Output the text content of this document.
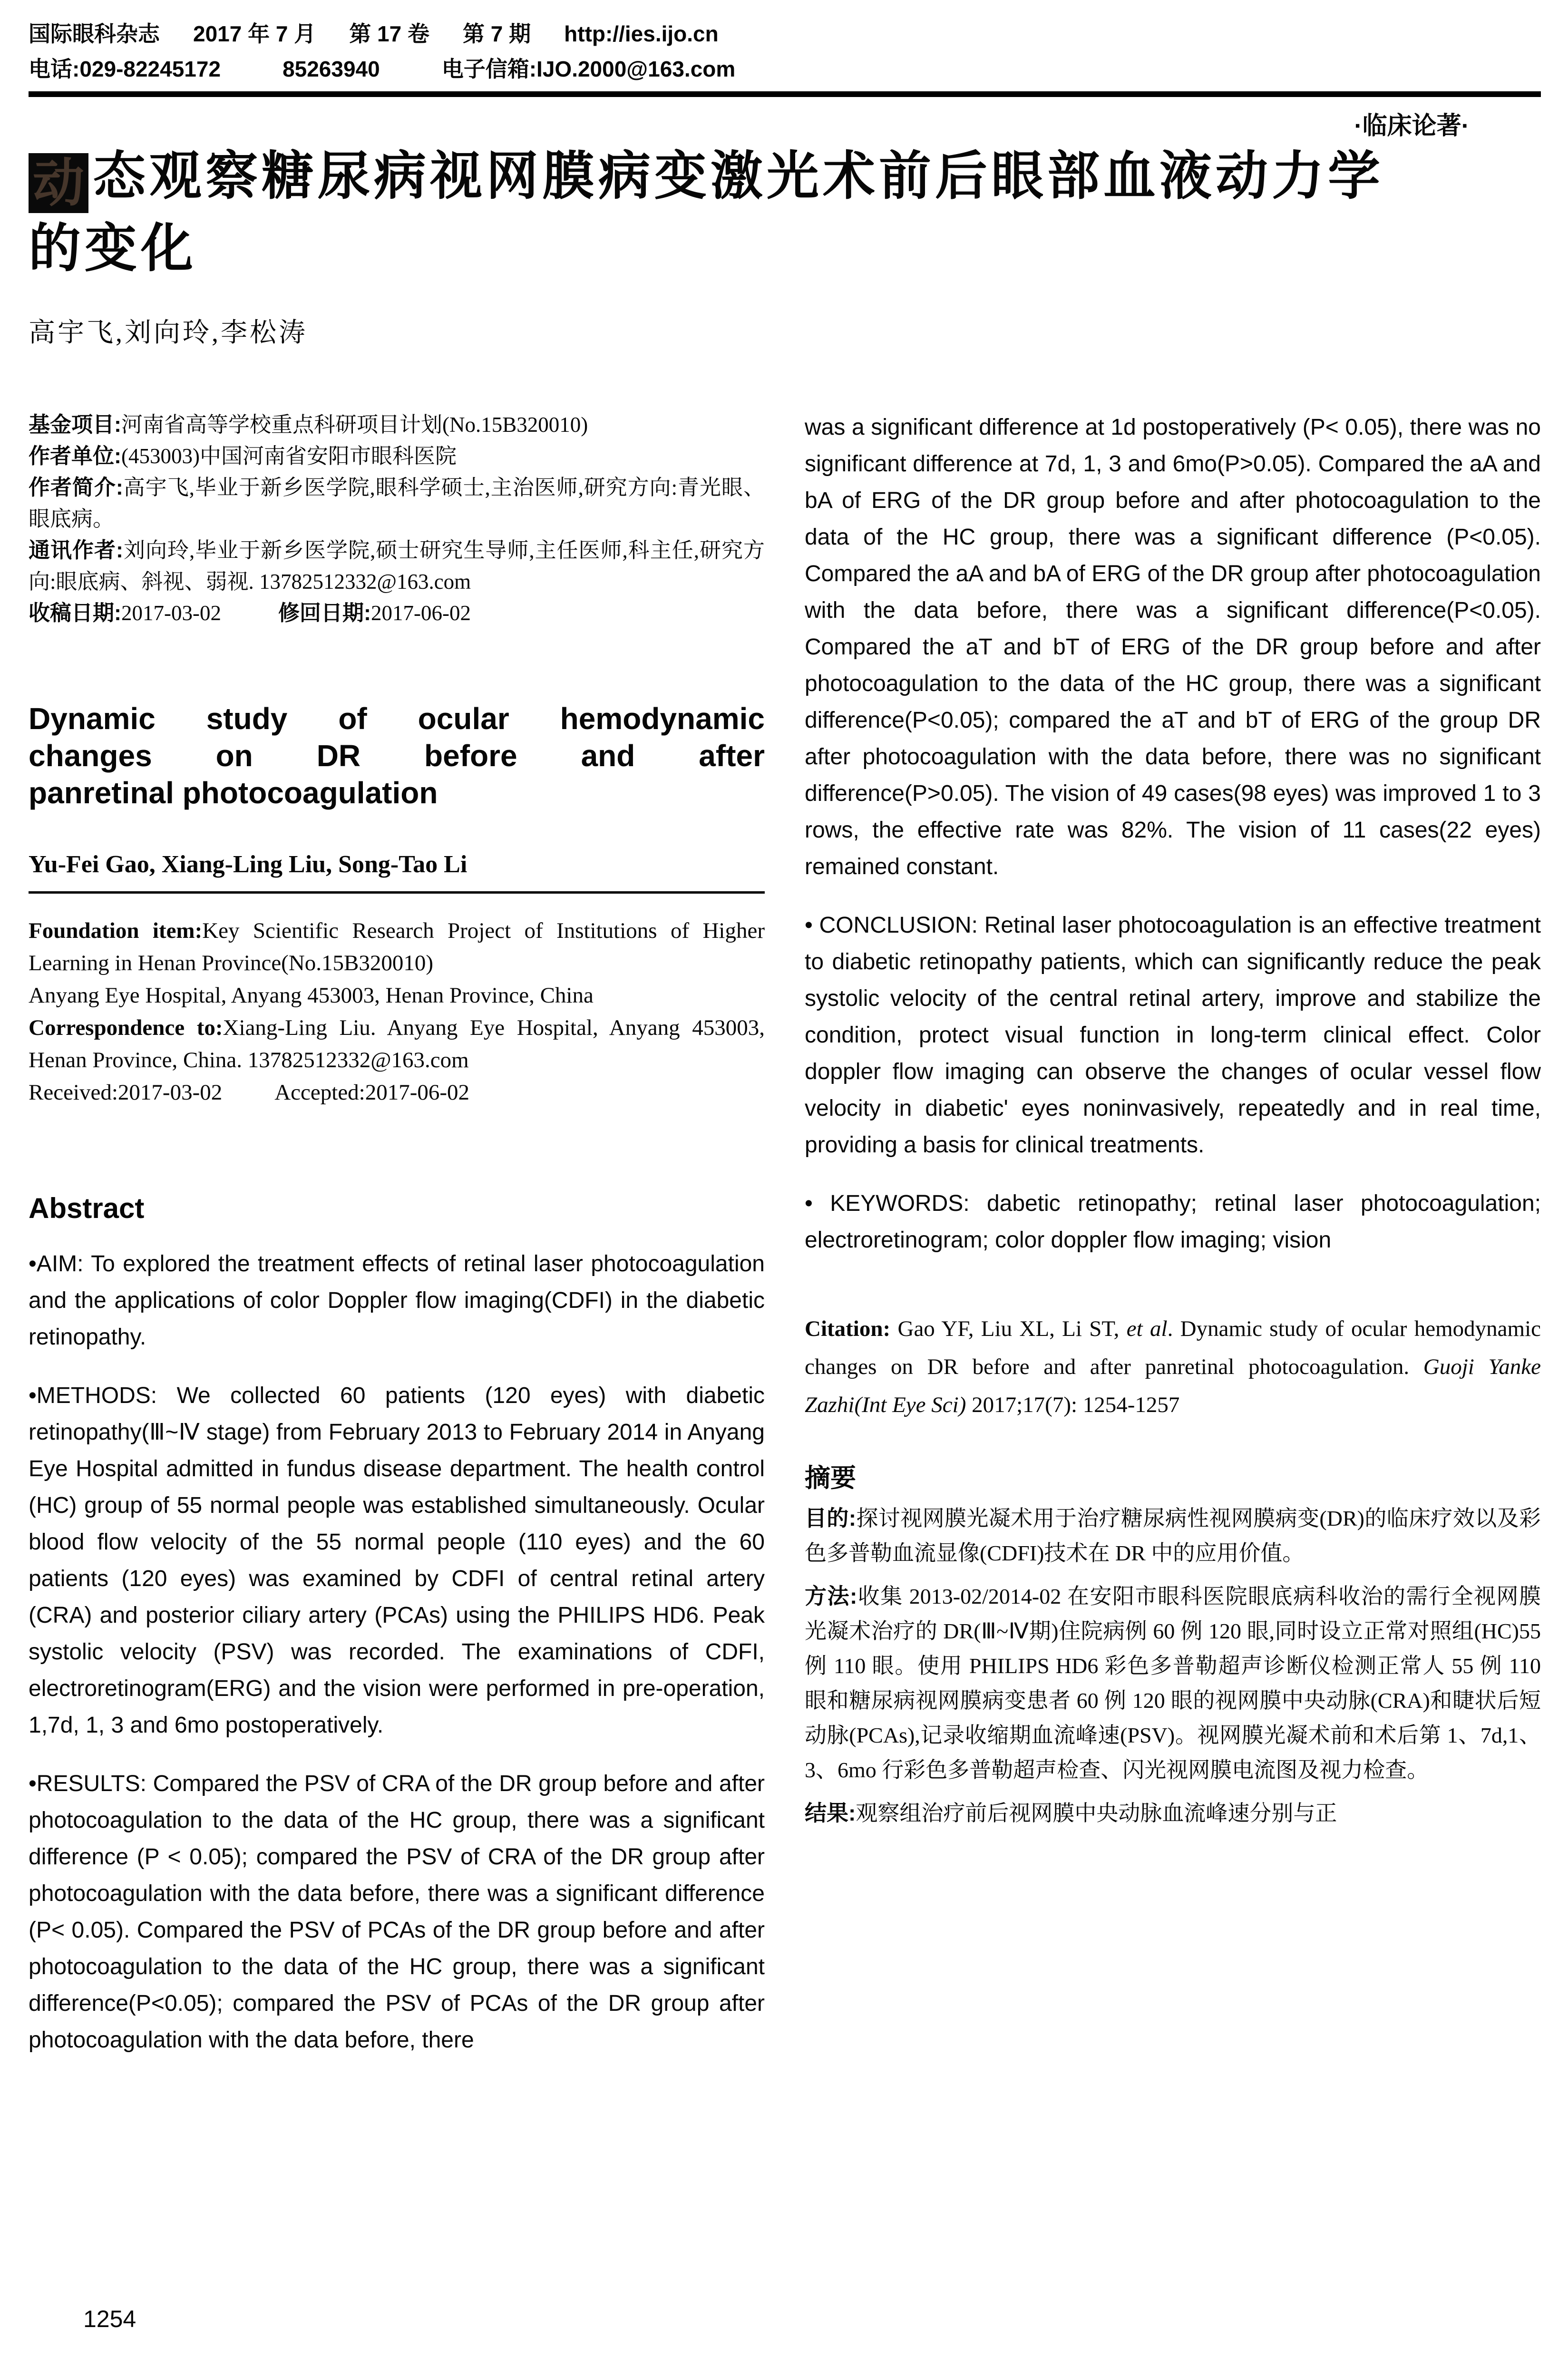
国际眼科杂志 2017 年 7 月 第 17 卷 第 7 期 http://ies.ijo.cn
电话:029-82245172	85263940	电子信箱:IJO.2000@163.com
·临床论著·
动 态观察糖尿病视网膜病变激光术前后眼部血液动力学
的变化
高宇飞,刘向玲,李松涛

基金项目:河南省高等学校重点科研项目计划(No.15B320010)

作者单位:(453003)中国河南省安阳市眼科医院

作者简介:高宇飞,毕业于新乡医学院,眼科学硕士,主治医师,研究方向:青光眼、眼底病。

通讯作者:刘向玲,毕业于新乡医学院,硕士研究生导师,主任医师,科主任,研究方向:眼底病、斜视、弱视. 13782512332@163.com

收稿日期:2017-03-02	修回日期:2017-06-02

Dynamic study of ocular hemodynamic
changes on DR before and after
panretinal photocoagulation
Yu-Fei Gao, Xiang-Ling Liu, Song-Tao Li

Foundation item:Key Scientific Research Project of Institutions of Higher Learning in Henan Province(No.15B320010)

Anyang Eye Hospital, Anyang 453003, Henan Province, China

Correspondence to:Xiang-Ling Liu. Anyang Eye Hospital, Anyang 453003, Henan Province, China. 13782512332@163.com

Received:2017-03-02 Accepted:2017-06-02

Abstract

•AIM: To explored the treatment effects of retinal laser photocoagulation and the applications of color Doppler flow imaging(CDFI) in the diabetic retinopathy.

•METHODS: We collected 60 patients (120 eyes) with diabetic retinopathy(Ⅲ~Ⅳ stage) from February 2013 to February 2014 in Anyang Eye Hospital admitted in fundus disease department. The health control (HC) group of 55 normal people was established simultaneously. Ocular blood flow velocity of the 55 normal people (110 eyes) and the 60 patients (120 eyes) was examined by CDFI of central retinal artery (CRA) and posterior ciliary artery (PCAs) using the PHILIPS HD6. Peak systolic velocity (PSV) was recorded. The examinations of CDFI, electroretinogram(ERG) and the vision were performed in pre-operation, 1,7d, 1, 3 and 6mo postoperatively.

•RESULTS: Compared the PSV of CRA of the DR group before and after photocoagulation to the data of the HC group, there was a significant difference (P < 0.05); compared the PSV of CRA of the DR group after photocoagulation with the data before, there was a significant difference (P< 0.05). Compared the PSV of PCAs of the DR group before and after photocoagulation to the data of the HC group, there was a significant difference(P<0.05); compared the PSV of PCAs of the DR group after photocoagulation with the data before, there

was a significant difference at 1d postoperatively (P< 0.05), there was no significant difference at 7d, 1, 3 and 6mo(P>0.05). Compared the aA and bA of ERG of the DR group before and after photocoagulation to the data of the HC group, there was a significant difference (P<0.05). Compared the aA and bA of ERG of the DR group after photocoagulation with the data before, there was a significant difference(P<0.05). Compared the aT and bT of ERG of the DR group before and after photocoagulation to the data of the HC group, there was a significant difference(P<0.05); compared the aT and bT of ERG of the group DR after photocoagulation with the data before, there was no significant difference(P>0.05). The vision of 49 cases(98 eyes) was improved 1 to 3 rows, the effective rate was 82%. The vision of 11 cases(22 eyes) remained constant.

• CONCLUSION: Retinal laser photocoagulation is an effective treatment to diabetic retinopathy patients, which can significantly reduce the peak systolic velocity of the central retinal artery, improve and stabilize the condition, protect visual function in long-term clinical effect. Color doppler flow imaging can observe the changes of ocular vessel flow velocity in diabetic' eyes noninvasively, repeatedly and in real time, providing a basis for clinical treatments.

• KEYWORDS: dabetic retinopathy; retinal laser photocoagulation; electroretinogram; color doppler flow imaging; vision

Citation: Gao YF, Liu XL, Li ST, et al. Dynamic study of ocular hemodynamic changes on DR before and after panretinal photocoagulation. Guoji Yanke Zazhi(Int Eye Sci) 2017;17(7): 1254-1257

摘要

目的:探讨视网膜光凝术用于治疗糖尿病性视网膜病变(DR)的临床疗效以及彩色多普勒血流显像(CDFI)技术在 DR 中的应用价值。

方法:收集 2013-02/2014-02 在安阳市眼科医院眼底病科收治的需行全视网膜光凝术治疗的 DR(Ⅲ~Ⅳ期)住院病例 60 例 120 眼,同时设立正常对照组(HC)55 例 110 眼。使用 PHILIPS HD6 彩色多普勒超声诊断仪检测正常人 55 例 110 眼和糖尿病视网膜病变患者 60 例 120 眼的视网膜中央动脉(CRA)和睫状后短动脉(PCAs),记录收缩期血流峰速(PSV)。视网膜光凝术前和术后第 1、7d,1、3、6mo 行彩色多普勒超声检查、闪光视网膜电流图及视力检查。

结果:观察组治疗前后视网膜中央动脉血流峰速分别与正

1254
